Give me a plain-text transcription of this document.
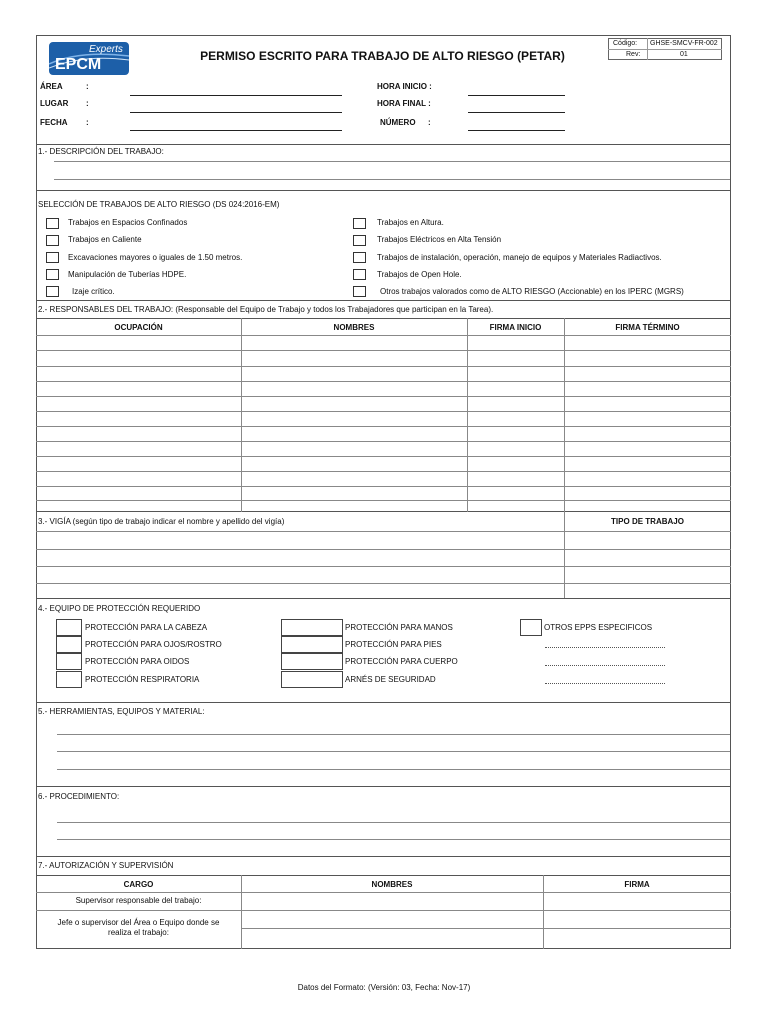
Experts
EPCM	PERMISO ESCRITO PARA TRABAJO DE ALTO RIESGO (PETAR)
Código: GHSE-SMCV-FR-002
Rev:	01
ÁREA	:
LUGAR :
FECHA :
HORA INICIO :
HORA FINAL :
NÚMERO :
1.- DESCRIPCIÓN DEL TRABAJO:
SELECCIÓN DE TRABAJOS DE ALTO RIESGO (DS 024:2016-EM)
Trabajos en Espacios Confinados
Trabajos en Caliente
Excavaciones mayores o iguales de 1.50 metros.
Manipulación de Tuberías HDPE.
Izaje crítico.
Trabajos en Altura.
Trabajos Eléctricos en Alta Tensión
Trabajos de instalación, operación, manejo de equipos y Materiales Radiactivos.
Trabajos de Open Hole.
Otros trabajos valorados como de ALTO RIESGO (Accionable) en los IPERC (MGRS)
2.- RESPONSABLES DEL TRABAJO: (Responsable del Equipo de Trabajo y todos los Trabajadores que participan en la Tarea).
OCUPACIÓN	NOMBRES	FIRMA INICIO	FIRMA TÉRMINO
3.- VIGÍA (según tipo de trabajo indicar el nombre y apellido del vigía)	TIPO DE TRABAJO
4.- EQUIPO DE PROTECCIÓN REQUERIDO
PROTECCIÓN PARA LA CABEZA
PROTECCIÓN PARA OJOS/ROSTRO
PROTECCIÓN PARA OIDOS
PROTECCIÓN RESPIRATORIA
PROTECCIÓN PARA MANOS
PROTECCIÓN PARA PIES
PROTECCIÓN PARA CUERPO
ARNÉS DE SEGURIDAD
OTROS EPPS ESPECIFICOS
5.- HERRAMIENTAS, EQUIPOS Y MATERIAL:
6.- PROCEDIMIENTO:
7.- AUTORIZACIÓN Y SUPERVISIÓN
CARGO	NOMBRES	FIRMA
Supervisor responsable del trabajo:
Jefe o supervisor del Área o Equipo donde se
realiza el trabajo:
Datos del Formato: (Versión: 03, Fecha: Nov-17)
